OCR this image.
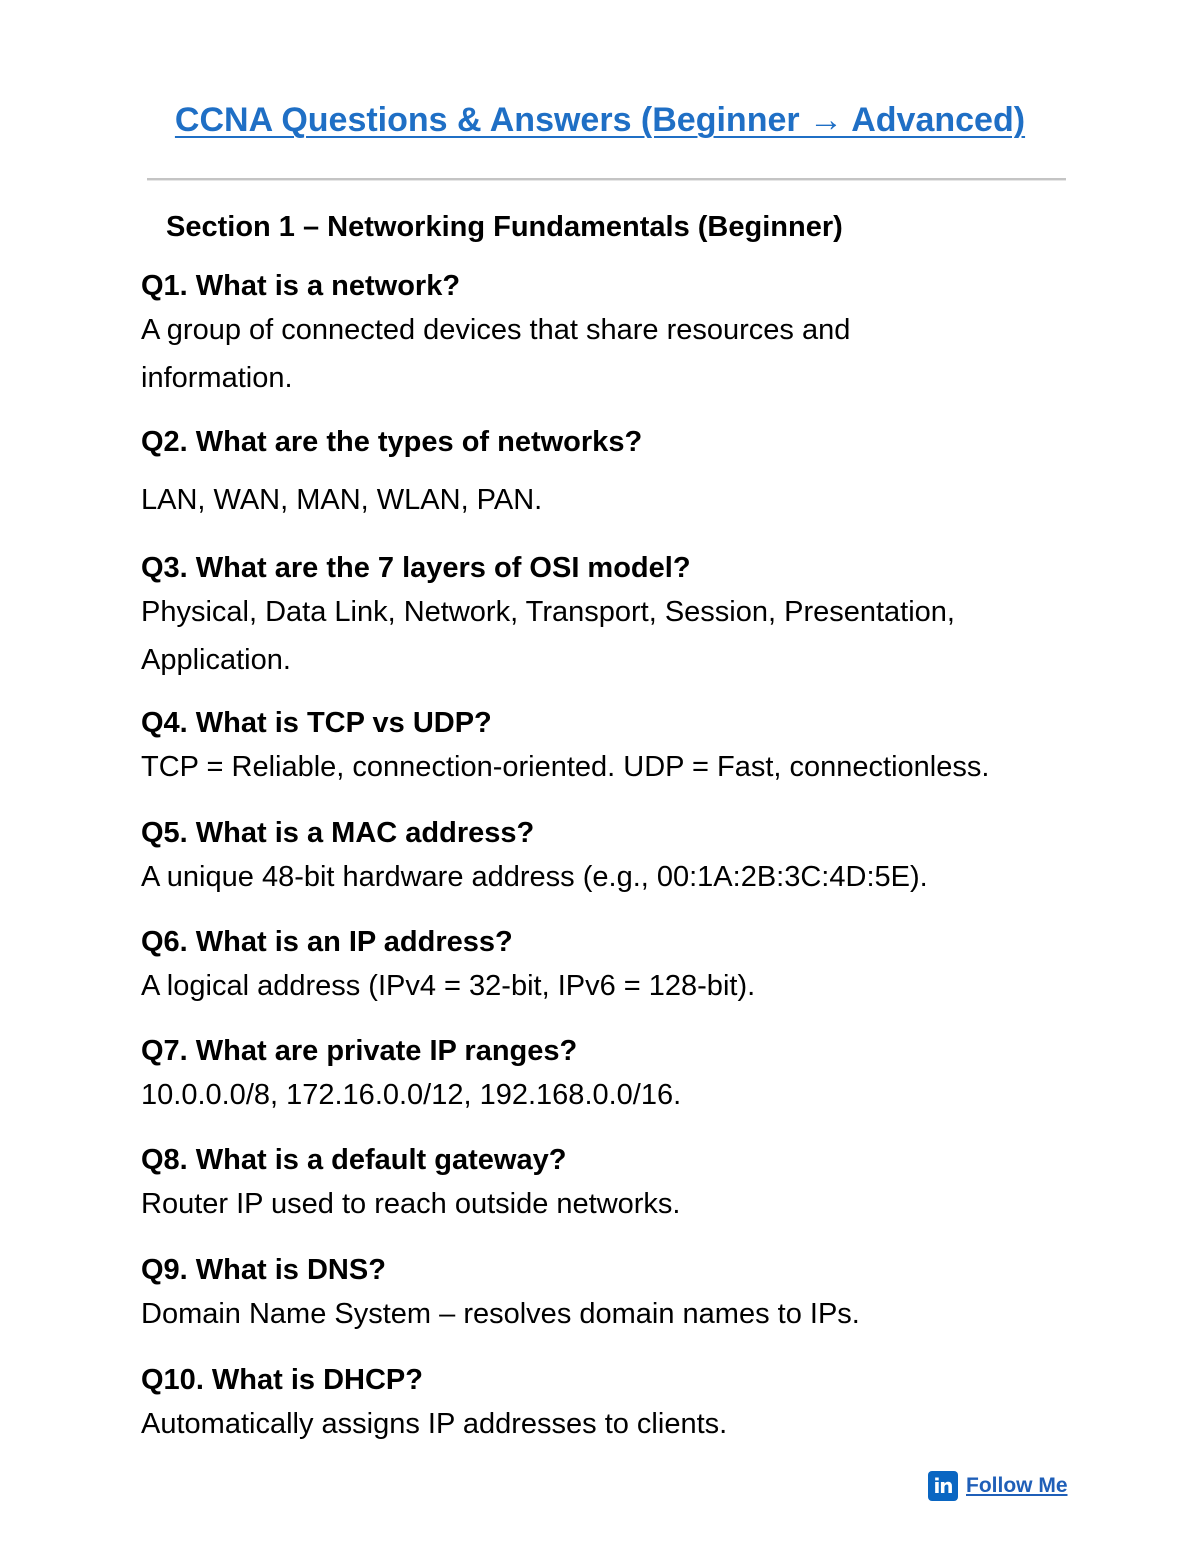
CCNA Questions & Answers (Beginner → Advanced)
Section 1 – Networking Fundamentals (Beginner)
Q1. What is a network?
A group of connected devices that share resources and information.
Q2. What are the types of networks?
LAN, WAN, MAN, WLAN, PAN.
Q3. What are the 7 layers of OSI model?
Physical, Data Link, Network, Transport, Session, Presentation, Application.
Q4. What is TCP vs UDP?
TCP = Reliable, connection-oriented. UDP = Fast, connectionless.
Q5. What is a MAC address?
A unique 48-bit hardware address (e.g., 00:1A:2B:3C:4D:5E).
Q6. What is an IP address?
A logical address (IPv4 = 32-bit, IPv6 = 128-bit).
Q7. What are private IP ranges?
10.0.0.0/8, 172.16.0.0/12, 192.168.0.0/16.
Q8. What is a default gateway?
Router IP used to reach outside networks.
Q9. What is DNS?
Domain Name System – resolves domain names to IPs.
Q10. What is DHCP?
Automatically assigns IP addresses to clients.
in Follow Me
